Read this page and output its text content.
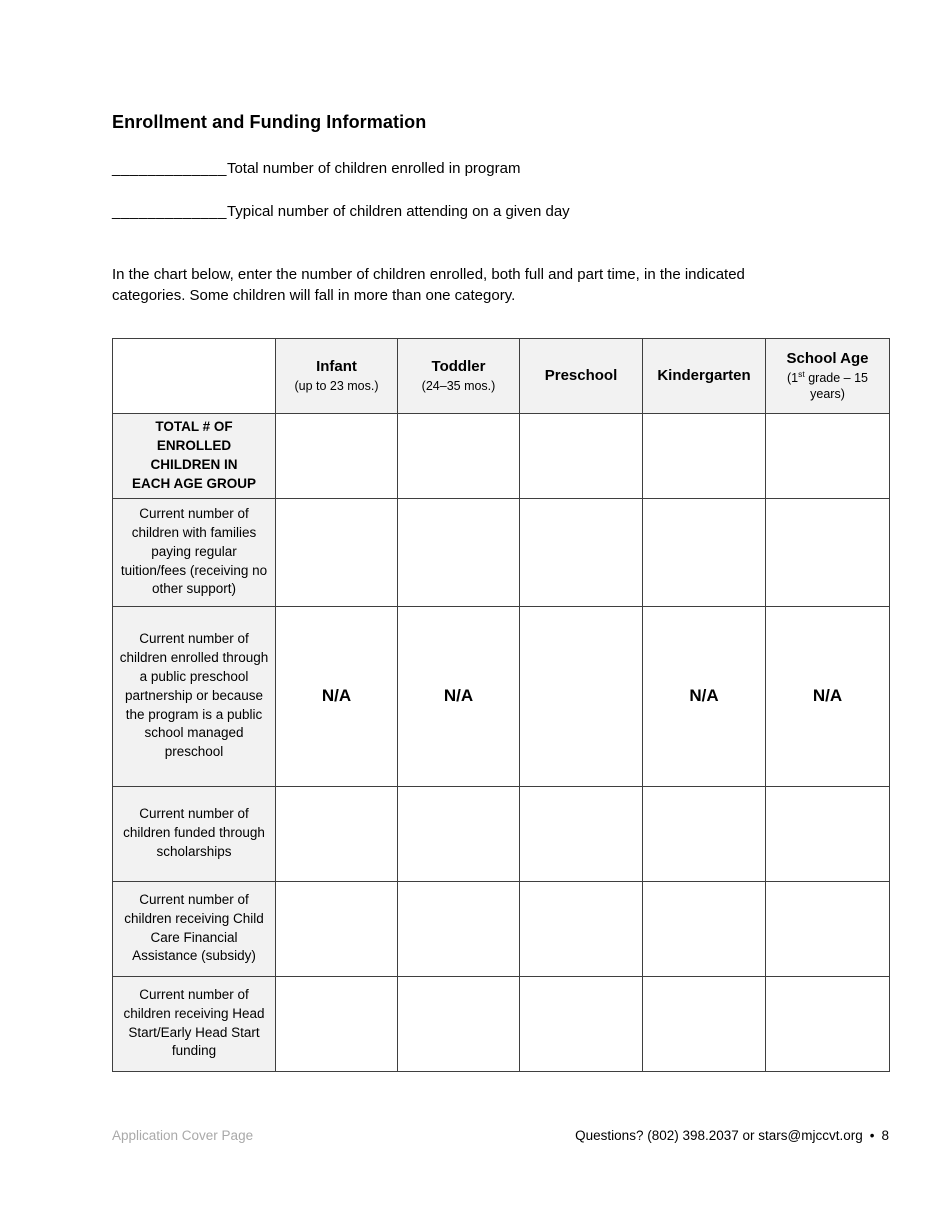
Enrollment and Funding Information

_____________Total number of children enrolled in program

_____________Typical number of children attending on a given day

In the chart below, enter the number of children enrolled, both full and part time, in the indicated categories. Some children will fall in more than one category.

	Infant
(up to 23 mos.)	Toddler
(24–35 mos.)	Preschool	Kindergarten	School Age
(1st grade – 15 years)

TOTAL # OF ENROLLED
CHILDREN IN
EACH AGE GROUP					
Current number of children with families paying regular tuition/fees (receiving no other support)					
Current number of children enrolled through a public preschool partnership or because the program is a public school managed preschool	N/A	N/A		N/A	N/A
Current number of children funded through scholarships					
Current number of children receiving Child Care Financial Assistance (subsidy)					
Current number of children receiving Head Start/Early Head Start funding					
Application Cover Page	Questions? (802) 398.2037 or stars@mjccvt.org • 8
